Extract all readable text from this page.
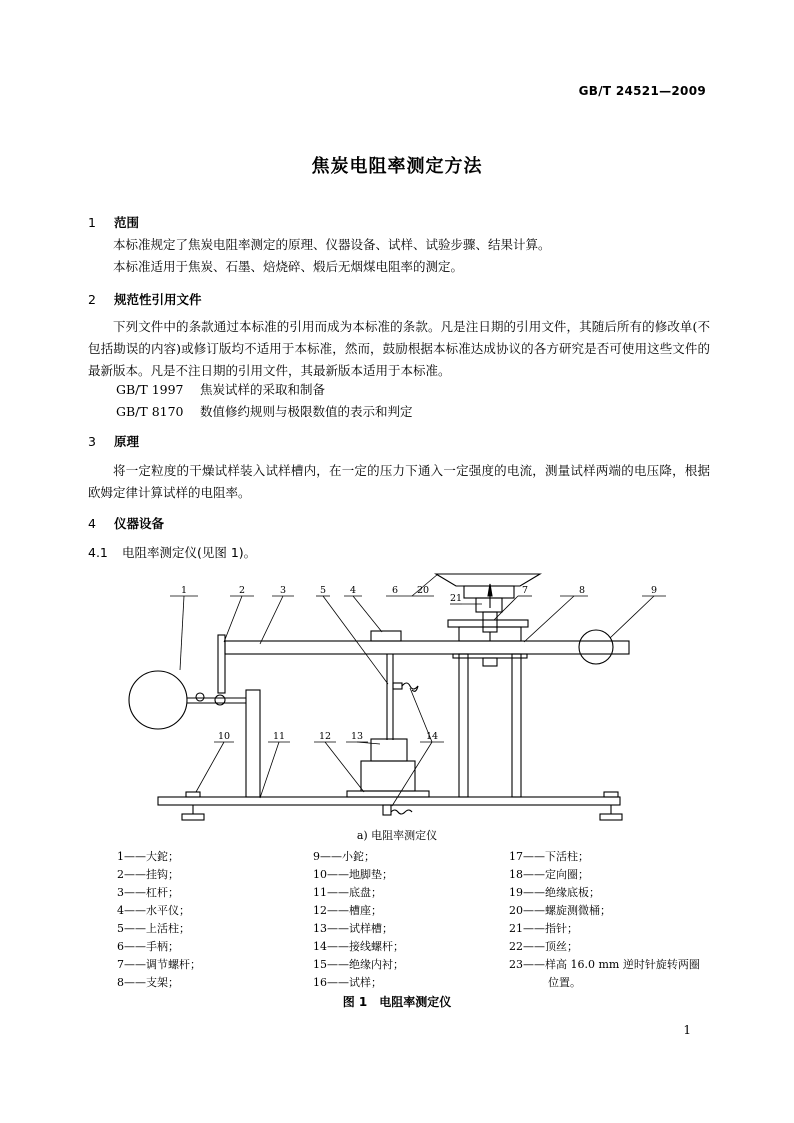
GB/T 24521—2009
焦炭电阻率测定方法
1 范围
本标准规定了焦炭电阻率测定的原理、仪器设备、试样、试验步骤、结果计算。
本标准适用于焦炭、石墨、焙烧碎、煅后无烟煤电阻率的测定。
2 规范性引用文件
下列文件中的条款通过本标准的引用而成为本标准的条款。凡是注日期的引用文件，其随后所有的修改单(不包括勘误的内容)或修订版均不适用于本标准，然而，鼓励根据本标准达成协议的各方研究是否可使用这些文件的最新版本。凡是不注日期的引用文件，其最新版本适用于本标准。
GB/T 1997 焦炭试样的采取和制备
GB/T 8170 数值修约规则与极限数值的表示和判定
3 原理
将一定粒度的干燥试样装入试样槽内，在一定的压力下通入一定强度的电流，测量试样两端的电压降，根据欧姆定律计算试样的电阻率。
4 仪器设备
4.1 电阻率测定仪(见图 1)。
1	2	3	5	4	6 20
21
7	8	9
10	11	12 13	14
a) 电阻率测定仪
1——大鉈；
2——挂钩；
3——杠杆；
4——水平仪；
5——上活柱；
6——手柄；
7——调节螺杆；
8——支架；
9——小鉈；
10——地脚垫；
11——底盘；
12——槽座；
13——试样槽；
14——接线螺杆；
15——绝缘内衬；
16——试样；
17——下活柱；
18——定向圈；
19——绝缘底板；
20——螺旋测微桶；
21——指针；
22——顶丝；
23——样高 16.0 mm 逆时针旋转两圈
位置。
图 1　电阻率测定仪
1
